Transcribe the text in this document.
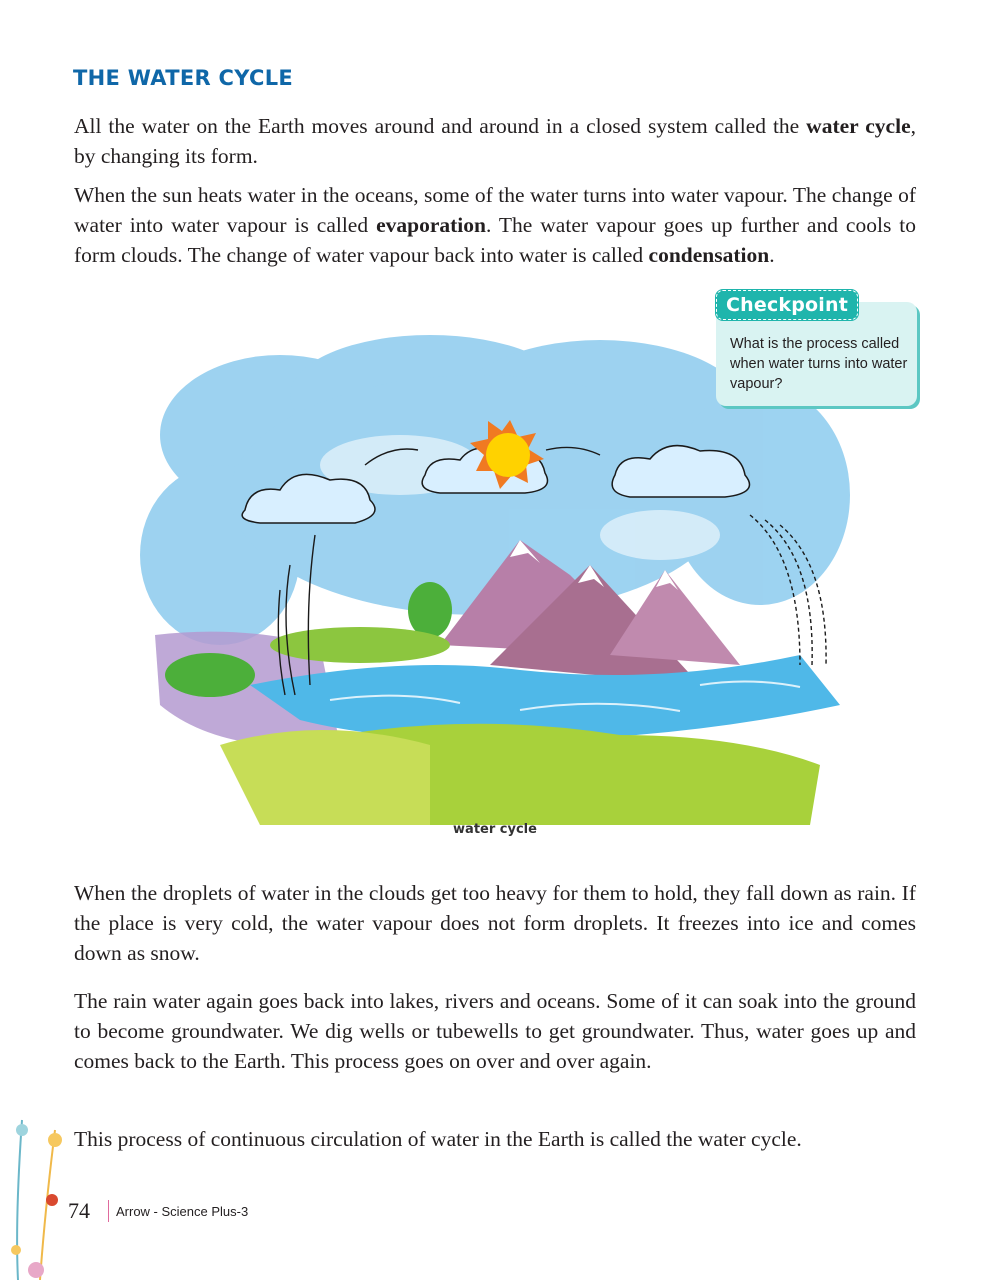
THE WATER CYCLE

All the water on the Earth moves around and around in a closed system called the water cycle, by changing its form.

When the sun heats water in the oceans, some of the water turns into water vapour. The change of water into water vapour is called evaporation. The water vapour goes up further and cools to form clouds. The change of water vapour back into water is called condensation.

water cycle
Checkpoint

What is the process called when water turns into water vapour?

When the droplets of water in the clouds get too heavy for them to hold, they fall down as rain. If the place is very cold, the water vapour does not form droplets. It freezes into ice and comes down as snow.

The rain water again goes back into lakes, rivers and oceans. Some of it can soak into the ground to become groundwater. We dig wells or tubewells to get groundwater. Thus, water goes up and comes back to the Earth. This process goes on over and over again.

This process of continuous circulation of water in the Earth is called the water cycle.

74 Arrow - Science Plus-3
